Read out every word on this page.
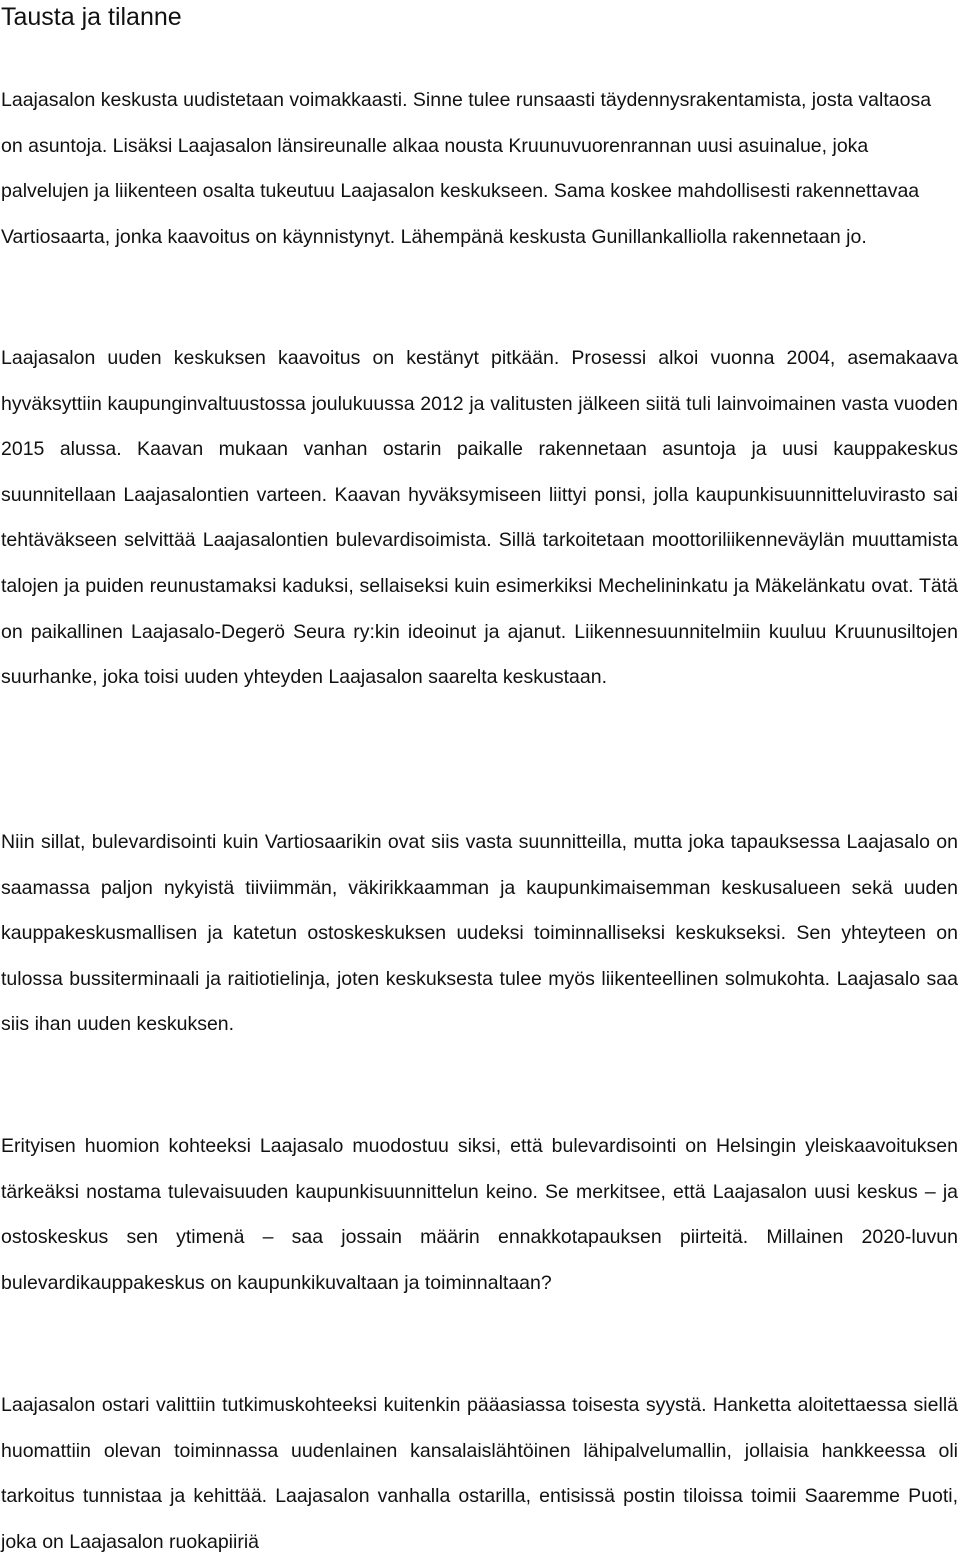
Tausta ja tilanne

Laajasalon keskusta uudistetaan voimakkaasti. Sinne tulee runsaasti täydennysrakentamista, josta valtaosa on asuntoja. Lisäksi Laajasalon länsireunalle alkaa nousta Kruunuvuorenrannan uusi asuinalue, joka palvelujen ja liikenteen osalta tukeutuu Laajasalon keskukseen. Sama koskee mahdollisesti rakennettavaa Vartiosaarta, jonka kaavoitus on käynnistynyt. Lähempänä keskusta Gunillankalliolla rakennetaan jo.

Laajasalon uuden keskuksen kaavoitus on kestänyt pitkään. Prosessi alkoi vuonna 2004, asemakaava hyväksyttiin kaupunginvaltuustossa joulukuussa 2012 ja valitusten jälkeen siitä tuli lainvoimainen vasta vuoden 2015 alussa. Kaavan mukaan vanhan ostarin paikalle rakennetaan asuntoja ja uusi kauppakeskus suunnitellaan Laajasalontien varteen. Kaavan hyväksymiseen liittyi ponsi, jolla kaupunkisuunnitteluvirasto sai tehtäväkseen selvittää Laajasalontien bulevardisoimista. Sillä tarkoitetaan moottoriliikenneväylän muuttamista talojen ja puiden reunustamaksi kaduksi, sellaiseksi kuin esimerkiksi Mechelininkatu ja Mäkelänkatu ovat. Tätä on paikallinen Laajasalo-Degerö Seura ry:kin ideoinut ja ajanut. Liikennesuunnitelmiin kuuluu Kruunusiltojen suurhanke, joka toisi uuden yhteyden Laajasalon saarelta keskustaan.

Niin sillat, bulevardisointi kuin Vartiosaarikin ovat siis vasta suunnitteilla, mutta joka tapauksessa Laajasalo on saamassa paljon nykyistä tiiviimmän, väkirikkaamman ja kaupunkimaisemman keskusalueen sekä uuden kauppakeskusmallisen ja katetun ostoskeskuksen uudeksi toiminnalliseksi keskukseksi. Sen yhteyteen on tulossa bussiterminaali ja raitiotielinja, joten keskuksesta tulee myös liikenteellinen solmukohta. Laajasalo saa siis ihan uuden keskuksen.

Erityisen huomion kohteeksi Laajasalo muodostuu siksi, että bulevardisointi on Helsingin yleiskaavoituksen tärkeäksi nostama tulevaisuuden kaupunkisuunnittelun keino. Se merkitsee, että Laajasalon uusi keskus – ja ostoskeskus sen ytimenä – saa jossain määrin ennakkotapauksen piirteitä. Millainen 2020-luvun bulevardikauppakeskus on kaupunkikuvaltaan ja toiminnaltaan?

Laajasalon ostari valittiin tutkimuskohteeksi kuitenkin pääasiassa toisesta syystä. Hanketta aloitettaessa siellä huomattiin olevan toiminnassa uudenlainen kansalaislähtöinen lähipalvelumallin, jollaisia hankkeessa oli tarkoitus tunnistaa ja kehittää. Laajasalon vanhalla ostarilla, entisissä postin tiloissa toimii Saaremme Puoti, joka on Laajasalon ruokapiiriä
